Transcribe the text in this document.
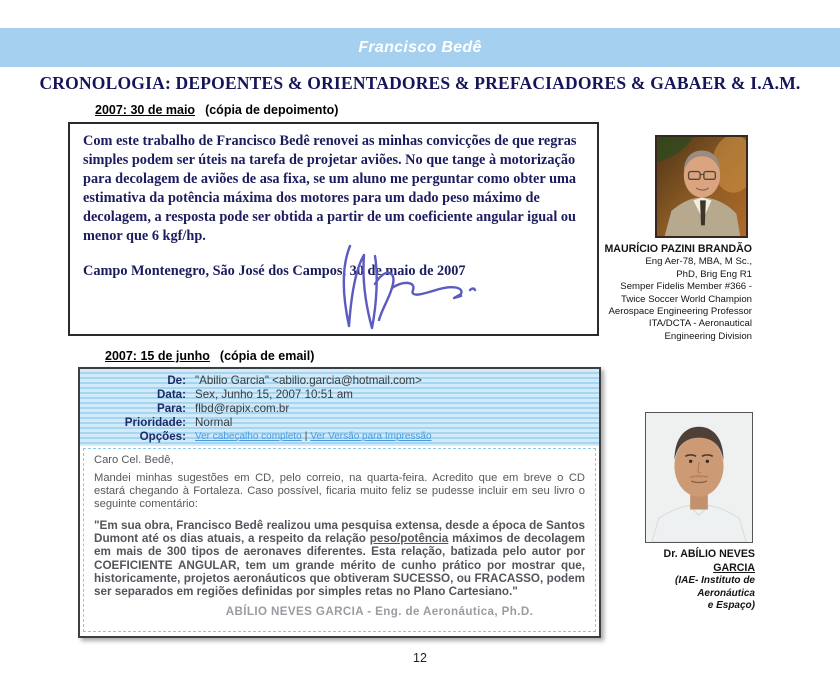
Francisco Bedê
CRONOLOGIA: DEPOENTES & ORIENTADORES & PREFACIADORES & GABAER & I.A.M.
2007: 30 de maio (cópia de depoimento)

Com este trabalho de Francisco Bedê renovei as minhas convicções de que regras simples podem ser úteis na tarefa de projetar aviões. No que tange à motorização para decolagem de aviões de asa fixa, se um aluno me perguntar como obter uma estimativa da potência máxima dos motores para um dado peso máximo de decolagem, a resposta pode ser obtida a partir de um coeficiente angular igual ou menor que 6 kgf/hp.

Campo Montenegro, São José dos Campos, 30 de maio de 2007

MAURÍCIO PAZINI BRANDÃO
Eng Aer-78, MBA, M Sc.,
PhD, Brig Eng R1
Semper Fidelis Member #366 -
Twice Soccer World Champion
Aerospace Engineering Professor
ITA/DCTA - Aeronautical
Engineering Division
2007: 15 de junho (cópia de email)
De: "Abilio Garcia" <abilio.garcia@hotmail.com>
Data: Sex, Junho 15, 2007 10:51 am
Para: flbd@rapix.com.br
Prioridade: Normal
Opções: Ver cabeçalho completo | Ver Versão para Impressão

Caro Cel. Bedê,

Mandei minhas sugestões em CD, pelo correio, na quarta-feira. Acredito que em breve o CD estará chegando à Fortaleza. Caso possível, ficaria muito feliz se pudesse incluir em seu livro o seguinte comentário:

"Em sua obra, Francisco Bedê realizou uma pesquisa extensa, desde a época de Santos Dumont até os dias atuais, a respeito da relação peso/potência máximos de decolagem em mais de 300 tipos de aeronaves diferentes. Esta relação, batizada pelo autor por COEFICIENTE ANGULAR, tem um grande mérito de cunho prático por mostrar que, historicamente, projetos aeronáuticos que obtiveram SUCESSO, ou FRACASSO, podem ser separados em regiões definidas por simples retas no Plano Cartesiano."

ABÍLIO NEVES GARCIA - Eng. de Aeronáutica, Ph.D.

Dr. ABÍLIO NEVES
GARCIA
(IAE- Instituto de
Aeronáutica
e Espaço)
12
